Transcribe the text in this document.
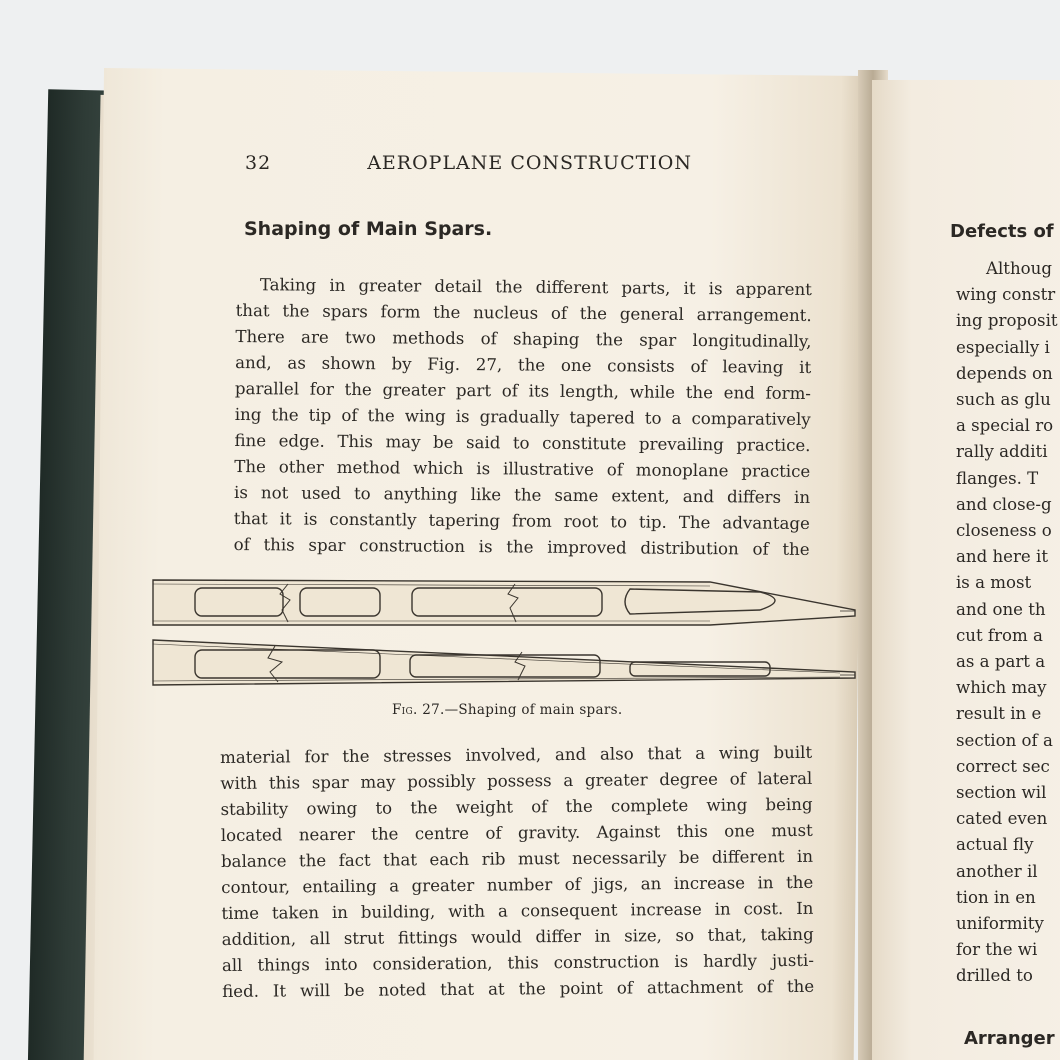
32	AEROPLANE CONSTRUCTION
Shaping of Main Spars.
Taking in greater detail the different parts, it is apparent
that the spars form the nucleus of the general arrangement.
There are two methods of shaping the spar longitudinally,
and, as shown by Fig. 27, the one consists of leaving it
parallel for the greater part of its length, while the end form-
ing the tip of the wing is gradually tapered to a comparatively
fine edge. This may be said to constitute prevailing practice.
The other method which is illustrative of monoplane practice
is not used to anything like the same extent, and differs in
that it is constantly tapering from root to tip. The advantage
of this spar construction is the improved distribution of the
Fig. 27.—Shaping of main spars.
material for the stresses involved, and also that a wing built
with this spar may possibly possess a greater degree of lateral
stability owing to the weight of the complete wing being
located nearer the centre of gravity. Against this one must
balance the fact that each rib must necessarily be different in
contour, entailing a greater number of jigs, an increase in the
time taken in building, with a consequent increase in cost. In
addition, all strut fittings would differ in size, so that, taking
all things into consideration, this construction is hardly justi-
fied. It will be noted that at the point of attachment of the
Defects of
Althoug
wing constr
ing proposit
especially i
depends on
such as glu
a special ro
rally additi
flanges. T
and close-g
closeness o
and here it
is a most
and one th
cut from a
as a part a
which may
result in e
section of a
correct sec
section wil
cated even
actual fly
another il
tion in en
uniformity
for the wi
drilled to
Arranger
